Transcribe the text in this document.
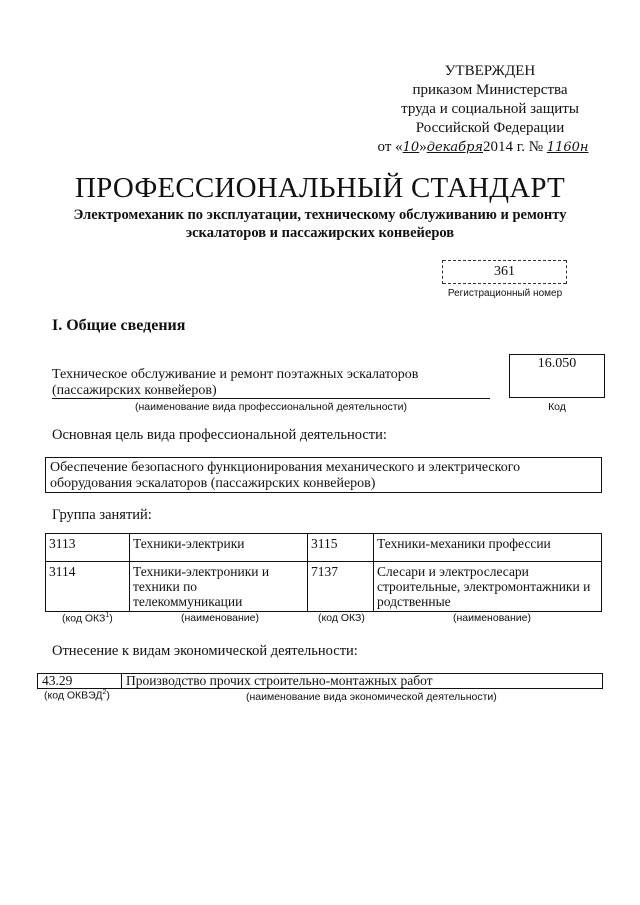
УТВЕРЖДЕН
приказом Министерства
труда и социальной защиты
Российской Федерации
от «10»декабря2014 г. № 1160н
ПРОФЕССИОНАЛЬНЫЙ СТАНДАРТ
Электромеханик по эксплуатации, техническому обслуживанию и ремонту
эскалаторов и пассажирских конвейеров
361
Регистрационный номер
I. Общие сведения
Техническое обслуживание и ремонт поэтажных эскалаторов (пассажирских конвейеров)
(наименование вида профессиональной деятельности)
16.050
Код
Основная цель вида профессиональной деятельности:
Обеспечение безопасного функционирования механического и электрического оборудования эскалаторов (пассажирских конвейеров)
Группа занятий:
3113	Техники-электрики	3115	Техники-механики профессии
3114	Техники-электроники и техники по телекоммуникации	7137	Слесари и электрослесари строительные, электромонтажники и родственные
(код ОКЗ$^1$)	(наименование)	(код ОКЗ)	(наименование)
Отнесение к видам экономической деятельности:
43.29	Производство прочих строительно-монтажных работ
(код ОКВЭД$^2$)	(наименование вида экономической деятельности)
